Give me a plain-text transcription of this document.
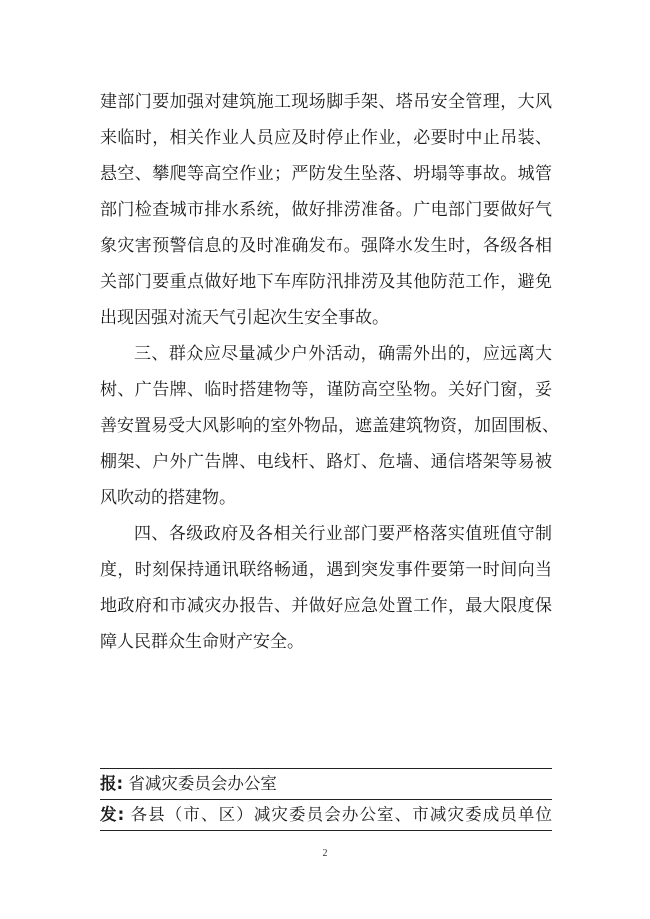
建部门要加强对建筑施工现场脚手架、塔吊安全管理，大风
来临时，相关作业人员应及时停止作业，必要时中止吊装、
悬空、攀爬等高空作业；严防发生坠落、坍塌等事故。城管
部门检查城市排水系统，做好排涝准备。广电部门要做好气
象灾害预警信息的及时准确发布。强降水发生时，各级各相
关部门要重点做好地下车库防汛排涝及其他防范工作，避免
出现因强对流天气引起次生安全事故。
三、群众应尽量减少户外活动，确需外出的，应远离大
树、广告牌、临时搭建物等，谨防高空坠物。关好门窗，妥
善安置易受大风影响的室外物品，遮盖建筑物资，加固围板、
棚架、户外广告牌、电线杆、路灯、危墙、通信塔架等易被
风吹动的搭建物。
四、各级政府及各相关行业部门要严格落实值班值守制
度，时刻保持通讯联络畅通，遇到突发事件要第一时间向当
地政府和市减灾办报告、并做好应急处置工作，最大限度保
障人民群众生命财产安全。
报: 省减灾委员会办公室
发: 各县（市、区）减灾委员会办公室、市减灾委成员单位
2
